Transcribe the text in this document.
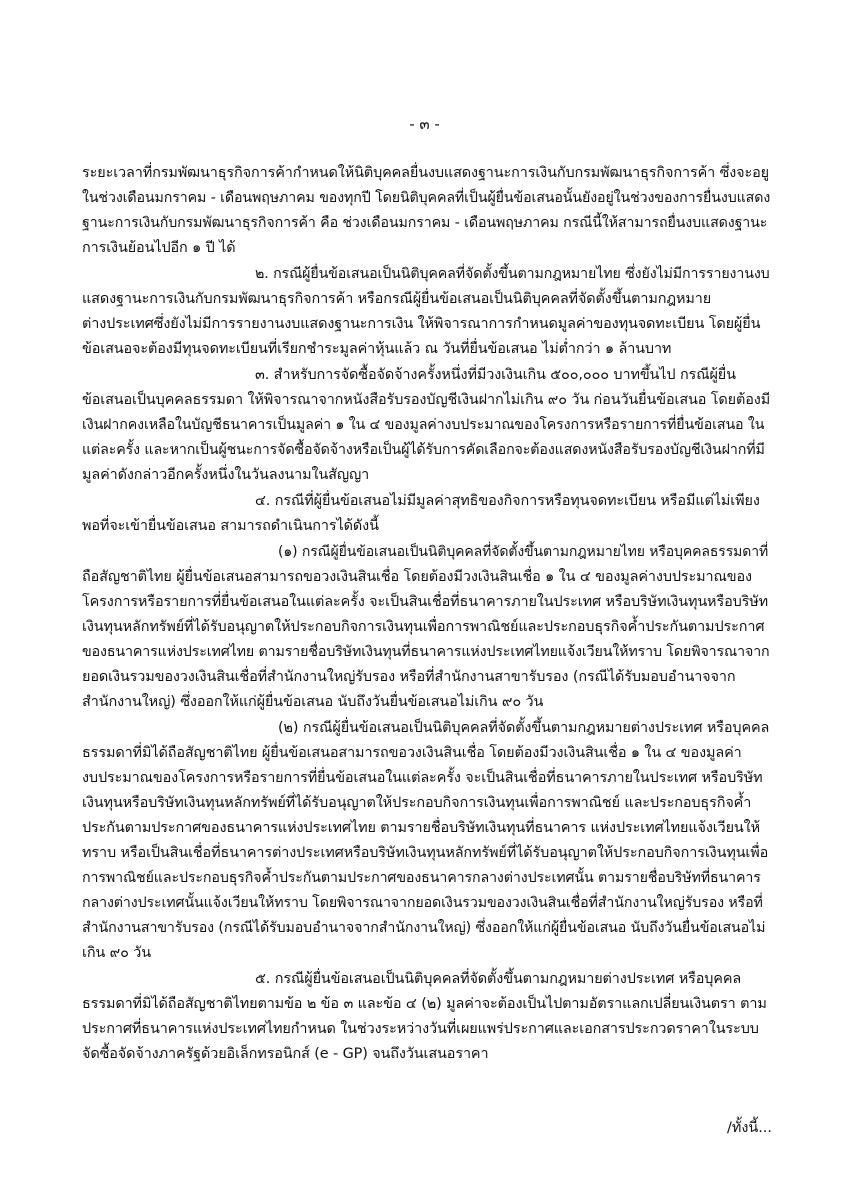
- ๓ -
ระยะเวลาที่กรมพัฒนาธุรกิจการค้ากำหนดให้นิติบุคคลยื่นงบแสดงฐานะการเงินกับกรมพัฒนาธุรกิจการค้า ซึ่งจะอยู
ในช่วงเดือนมกราคม - เดือนพฤษภาคม ของทุกปี โดยนิติบุคคลที่เป็นผู้ยื่นข้อเสนอนั้นยังอยู่ในช่วงของการยื่นงบแสดง
ฐานะการเงินกับกรมพัฒนาธุรกิจการค้า คือ ช่วงเดือนมกราคม - เดือนพฤษภาคม กรณีนี้ให้สามารถยื่นงบแสดงฐานะ
การเงินย้อนไปอีก ๑ ปี ได้
๒. กรณีผู้ยื่นข้อเสนอเป็นนิติบุคคลที่จัดตั้งขึ้นตามกฎหมายไทย ซึ่งยังไม่มีการรายงานงบ
แสดงฐานะการเงินกับกรมพัฒนาธุรกิจการค้า หรือกรณีผู้ยื่นข้อเสนอเป็นนิติบุคคลที่จัดตั้งขึ้นตามกฎหมาย
ต่างประเทศซึ่งยังไม่มีการรายงานงบแสดงฐานะการเงิน ให้พิจารณาการกำหนดมูลค่าของทุนจดทะเบียน โดยผู้ยื่น
ข้อเสนอจะต้องมีทุนจดทะเบียนที่เรียกชำระมูลค่าหุ้นแล้ว ณ วันที่ยื่นข้อเสนอ ไม่ต่ำกว่า ๑ ล้านบาท
๓. สำหรับการจัดซื้อจัดจ้างครั้งหนึ่งที่มีวงเงินเกิน ๕๐๐,๐๐๐ บาทขึ้นไป กรณีผู้ยื่น
ข้อเสนอเป็นบุคคลธรรมดา ให้พิจารณาจากหนังสือรับรองบัญชีเงินฝากไม่เกิน ๙๐ วัน ก่อนวันยื่นข้อเสนอ โดยต้องมี
เงินฝากคงเหลือในบัญชีธนาคารเป็นมูลค่า ๑ ใน ๔ ของมูลค่างบประมาณของโครงการหรือรายการที่ยื่นข้อเสนอ ใน
แต่ละครั้ง และหากเป็นผู้ชนะการจัดซื้อจัดจ้างหรือเป็นผู้ได้รับการคัดเลือกจะต้องแสดงหนังสือรับรองบัญชีเงินฝากที่มี
มูลค่าดังกล่าวอีกครั้งหนึ่งในวันลงนามในสัญญา
๔. กรณีที่ผู้ยื่นข้อเสนอไม่มีมูลค่าสุทธิของกิจการหรือทุนจดทะเบียน หรือมีแต่ไม่เพียง
พอที่จะเข้ายื่นข้อเสนอ สามารถดำเนินการได้ดังนี้
(๑) กรณีผู้ยื่นข้อเสนอเป็นนิติบุคคลที่จัดตั้งขึ้นตามกฎหมายไทย หรือบุคคลธรรมดาที่
ถือสัญชาติไทย ผู้ยื่นข้อเสนอสามารถขอวงเงินสินเชื่อ โดยต้องมีวงเงินสินเชื่อ ๑ ใน ๔ ของมูลค่างบประมาณของ
โครงการหรือรายการที่ยื่นข้อเสนอในแต่ละครั้ง จะเป็นสินเชื่อที่ธนาคารภายในประเทศ หรือบริษัทเงินทุนหรือบริษัท
เงินทุนหลักทรัพย์ที่ได้รับอนุญาตให้ประกอบกิจการเงินทุนเพื่อการพาณิชย์และประกอบธุรกิจค้ำประกันตามประกาศ
ของธนาคารแห่งประเทศไทย ตามรายชื่อบริษัทเงินทุนที่ธนาคารแห่งประเทศไทยแจ้งเวียนให้ทราบ โดยพิจารณาจาก
ยอดเงินรวมของวงเงินสินเชื่อที่สำนักงานใหญ่รับรอง หรือที่สำนักงานสาขารับรอง (กรณีได้รับมอบอำนาจจาก
สำนักงานใหญ่) ซึ่งออกให้แก่ผู้ยื่นข้อเสนอ นับถึงวันยื่นข้อเสนอไม่เกิน ๙๐ วัน
(๒) กรณีผู้ยื่นข้อเสนอเป็นนิติบุคคลที่จัดตั้งขึ้นตามกฎหมายต่างประเทศ หรือบุคคล
ธรรมดาที่มิได้ถือสัญชาติไทย ผู้ยื่นข้อเสนอสามารถขอวงเงินสินเชื่อ โดยต้องมีวงเงินสินเชื่อ ๑ ใน ๔ ของมูลค่า
งบประมาณของโครงการหรือรายการที่ยื่นข้อเสนอในแต่ละครั้ง จะเป็นสินเชื่อที่ธนาคารภายในประเทศ หรือบริษัท
เงินทุนหรือบริษัทเงินทุนหลักทรัพย์ที่ได้รับอนุญาตให้ประกอบกิจการเงินทุนเพื่อการพาณิชย์ และประกอบธุรกิจค้ำ
ประกันตามประกาศของธนาคารแห่งประเทศไทย ตามรายชื่อบริษัทเงินทุนที่ธนาคาร แห่งประเทศไทยแจ้งเวียนให้
ทราบ หรือเป็นสินเชื่อที่ธนาคารต่างประเทศหรือบริษัทเงินทุนหลักทรัพย์ที่ได้รับอนุญาตให้ประกอบกิจการเงินทุนเพื่อ
การพาณิชย์และประกอบธุรกิจค้ำประกันตามประกาศของธนาคารกลางต่างประเทศนั้น ตามรายชื่อบริษัทที่ธนาคาร
กลางต่างประเทศนั้นแจ้งเวียนให้ทราบ โดยพิจารณาจากยอดเงินรวมของวงเงินสินเชื่อที่สำนักงานใหญ่รับรอง หรือที่
สำนักงานสาขารับรอง (กรณีได้รับมอบอำนาจจากสำนักงานใหญ่) ซึ่งออกให้แก่ผู้ยื่นข้อเสนอ นับถึงวันยื่นข้อเสนอไม่
เกิน ๙๐ วัน
๕. กรณีผู้ยื่นข้อเสนอเป็นนิติบุคคลที่จัดตั้งขึ้นตามกฎหมายต่างประเทศ หรือบุคคล
ธรรมดาที่มิได้ถือสัญชาติไทยตามข้อ ๒ ข้อ ๓ และข้อ ๔ (๒) มูลค่าจะต้องเป็นไปตามอัตราแลกเปลี่ยนเงินตรา ตาม
ประกาศที่ธนาคารแห่งประเทศไทยกำหนด ในช่วงระหว่างวันที่เผยแพร่ประกาศและเอกสารประกวดราคาในระบบ
จัดซื้อจัดจ้างภาครัฐด้วยอิเล็กทรอนิกส์ (e - GP) จนถึงวันเสนอราคา
/ทั้งนี้...
